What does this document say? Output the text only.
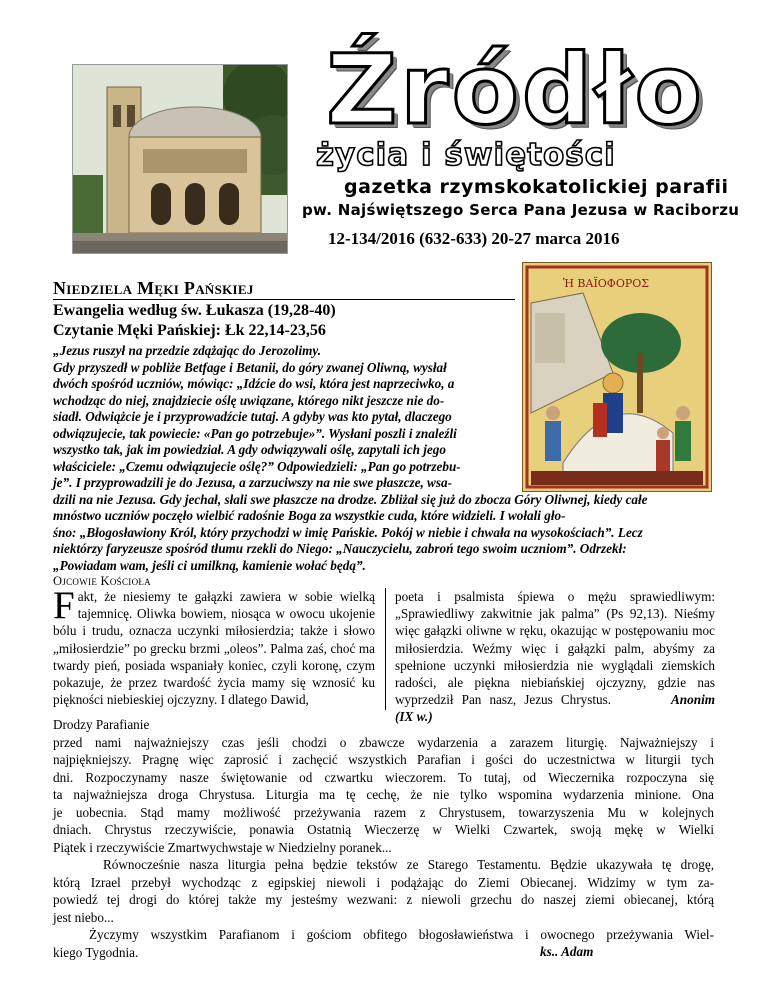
Źródło
życia i świętości
gazetka rzymskokatolickiej parafii
pw. Najświętszego Serca Pana Jezusa w Raciborzu
12-134/2016 (632-633) 20-27 marca 2016
Niedziela Męki Pańskiej
Ewangelia według św. Łukasza (19,28-40)
Czytanie Męki Pańskiej: Łk 22,14-23,56
Ἡ ΒΑΪΟΦΟΡΟΣ
„Jezus ruszył na przedzie zdążając do Jerozolimy.
Gdy przyszedł w pobliże Betfage i Betanii, do góry zwanej Oliwną, wysłał
dwóch spośród uczniów, mówiąc: „Idźcie do wsi, która jest naprzeciwko, a
wchodząc do niej, znajdziecie oślę uwiązane, którego nikt jeszcze nie do-
siadł. Odwiążcie je i przyprowadźcie tutaj. A gdyby was kto pytał, dlaczego
odwiązujecie, tak powiecie: «Pan go potrzebuje»”. Wysłani poszli i znaleźli
wszystko tak, jak im powiedział. A gdy odwiązywali oślę, zapytali ich jego
właściciele: „Czemu odwiązujecie oślę?” Odpowiedzieli: „Pan go potrzebu-
je”. I przyprowadzili je do Jezusa, a zarzuciwszy na nie swe płaszcze, wsa-
dzili na nie Jezusa. Gdy jechał, słali swe płaszcze na drodze. Zbliżał się już do zbocza Góry Oliwnej, kiedy całe
mnóstwo uczniów poczęło wielbić radośnie Boga za wszystkie cuda, które widzieli. I wołali gło-
śno: „Błogosławiony Król, który przychodzi w imię Pańskie. Pokój w niebie i chwała na wysokościach”. Lecz
niektórzy faryzeusze spośród tłumu rzekli do Niego: „Nauczycielu, zabroń tego swoim uczniom”. Odrzekł:
„Powiadam wam, jeśli ci umilkną, kamienie wołać będą”.
Ojcowie Kościoła
Fakt, że niesiemy te gałązki zawiera w sobie wielką tajemnicę. Oliwka bowiem, niosąca w owocu ukojenie bólu i trudu, oznacza uczynki miłosierdzia; także i słowo „miłosierdzie” po grecku brzmi „oleos”. Palma zaś, choć ma twardy pień, posiada wspaniały koniec, czyli koronę, czym pokazuje, że przez twardość życia mamy się wznosić ku piękności niebieskiej ojczyzny. I dlatego Dawid,
poeta i psalmista śpiewa o mężu sprawiedliwym: „Sprawiedliwy zakwitnie jak palma” (Ps 92,13). Nieśmy więc gałązki oliwne w ręku, okazując w postępowaniu moc miłosierdzia. Weźmy więc i gałązki palm, abyśmy za spełnione uczynki miłosierdzia nie wyglądali ziemskich radości, ale piękna niebiańskiej ojczyzny, gdzie nas wyprzedził Pan nasz, Jezus Chrystus.	Anonim (IX w.)
Drodzy Parafianie
przed nami najważniejszy czas jeśli chodzi o zbawcze wydarzenia a zarazem liturgię. Najważniejszy i
najpiękniejszy. Pragnę więc zaprosić i zachęcić wszystkich Parafian i gości do uczestnictwa w liturgii tych
dni. Rozpoczynamy nasze świętowanie od czwartku wieczorem. To tutaj, od Wieczernika rozpoczyna się
ta najważniejsza droga Chrystusa. Liturgia ma tę cechę, że nie tylko wspomina wydarzenia minione. Ona
je uobecnia. Stąd mamy możliwość przeżywania razem z Chrystusem, towarzyszenia Mu w kolejnych
dniach. Chrystus rzeczywiście, ponawia Ostatnią Wieczerzę w Wielki Czwartek, swoją mękę w Wielki
Piątek i rzeczywiście Zmartwychwstaje w Niedzielny poranek...
Równocześnie nasza liturgia pełna będzie tekstów ze Starego Testamentu. Będzie ukazywała tę drogę,
którą Izrael przebył wychodząc z egipskiej niewoli i podążając do Ziemi Obiecanej. Widzimy w tym za-
powiedź tej drogi do której także my jesteśmy wezwani: z niewoli grzechu do naszej ziemi obiecanej, którą
jest niebo...
Życzymy wszystkim Parafianom i gościom obfitego błogosławieństwa i owocnego przeżywania Wiel-
kiego Tygodnia.	ks.. Adam
